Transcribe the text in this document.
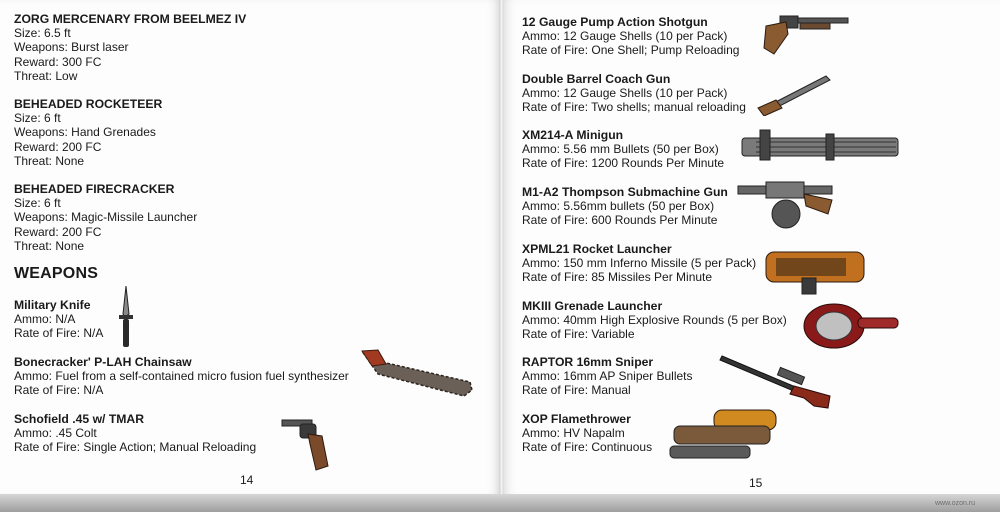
ZORG MERCENARY FROM BEELMEZ IV
Size: 6.5 ft
Weapons: Burst laser
Reward: 300 FC
Threat: Low
BEHEADED ROCKETEER
Size: 6 ft
Weapons: Hand Grenades
Reward: 200 FC
Threat: None
BEHEADED FIRECRACKER
Size: 6 ft
Weapons: Magic-Missile Launcher
Reward: 200 FC
Threat: None
WEAPONS
Military Knife
Ammo: N/A
Rate of Fire: N/A
Bonecracker' P-LAH Chainsaw
Ammo: Fuel from a self-contained micro fusion fuel synthesizer
Rate of Fire: N/A
Schofield .45 w/ TMAR
Ammo: .45 Colt
Rate of Fire: Single Action; Manual Reloading
12 Gauge Pump Action Shotgun
Ammo: 12 Gauge Shells (10 per Pack)
Rate of Fire: One Shell; Pump Reloading
Double Barrel Coach Gun
Ammo: 12 Gauge Shells (10 per Pack)
Rate of Fire: Two shells; manual reloading
XM214-A Minigun
Ammo: 5.56 mm Bullets (50 per Box)
Rate of Fire: 1200 Rounds Per Minute
M1-A2 Thompson Submachine Gun
Ammo: 5.56mm bullets (50 per Box)
Rate of Fire: 600 Rounds Per Minute
XPML21 Rocket Launcher
Ammo: 150 mm Inferno Missile (5 per Pack)
Rate of Fire: 85 Missiles Per Minute
MKIII Grenade Launcher
Ammo: 40mm High Explosive Rounds (5 per Box)
Rate of Fire: Variable
RAPTOR 16mm Sniper
Ammo: 16mm AP Sniper Bullets
Rate of Fire: Manual
XOP Flamethrower
Ammo: HV Napalm
Rate of Fire: Continuous
14	15
www.ozon.ru
